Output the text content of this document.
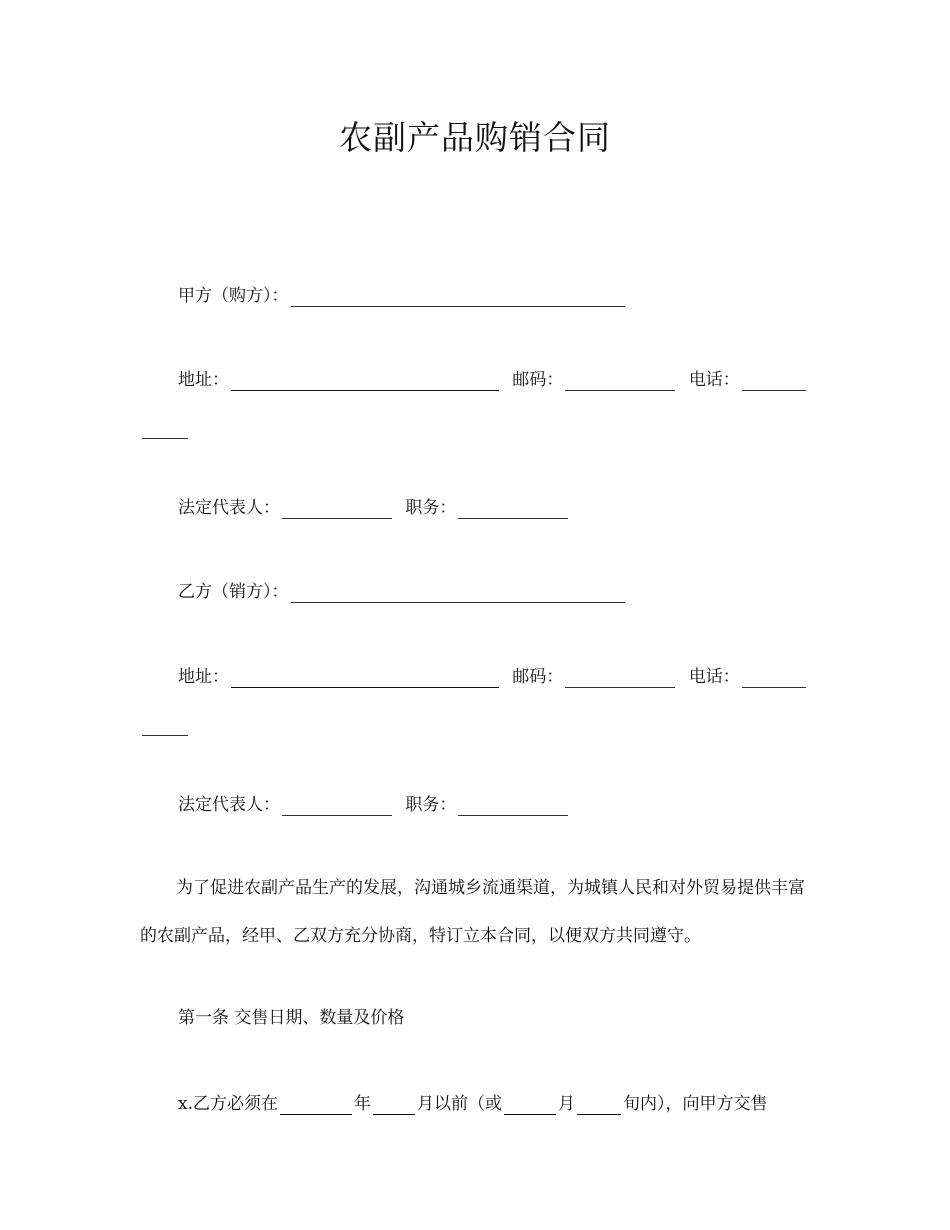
农副产品购销合同
甲方（购方）：
地址：	邮码：	电话：
法定代表人：	职务：
乙方（销方）：
地址：	邮码：	电话：
法定代表人：	职务：
为了促进农副产品生产的发展，沟通城乡流通渠道，为城镇人民和对外贸易提供丰富的农副产品，经甲、乙双方充分协商，特订立本合同，以便双方共同遵守。
第一条 交售日期、数量及价格
x.乙方必须在	年	月以前（或	月	旬内），向甲方交售
